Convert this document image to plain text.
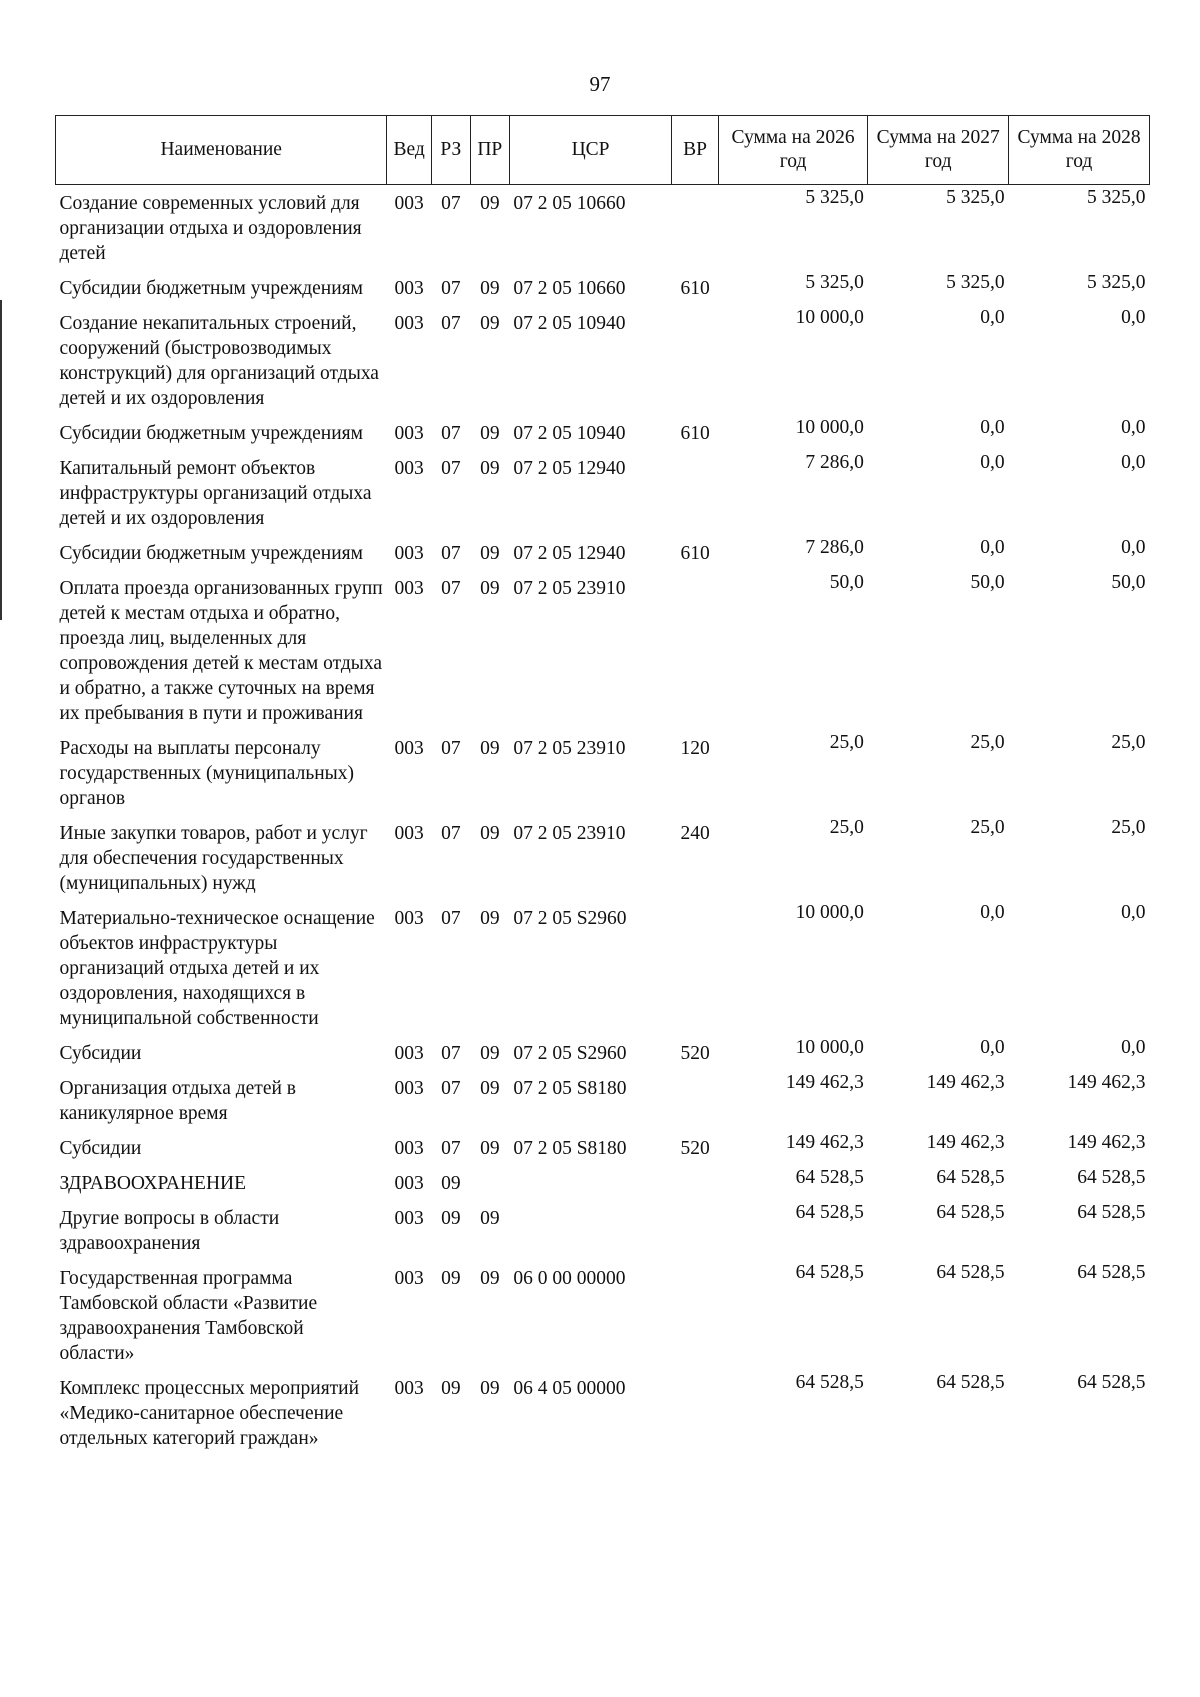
97
Наименование	Вед	РЗ	ПР	ЦСР	ВР	Сумма на 2026 год	Сумма на 2027 год	Сумма на 2028 год
Создание современных условий для организации отдыха и оздоровления детей	003	07	09	07 2 05 10660		5 325,0	5 325,0	5 325,0
Субсидии бюджетным учреждениям	003	07	09	07 2 05 10660	610	5 325,0	5 325,0	5 325,0
Создание некапитальных строений, сооружений (быстровозводимых конструкций) для организаций отдыха детей и их оздоровления	003	07	09	07 2 05 10940		10 000,0	0,0	0,0
Субсидии бюджетным учреждениям	003	07	09	07 2 05 10940	610	10 000,0	0,0	0,0
Капитальный ремонт объектов инфраструктуры организаций отдыха детей и их оздоровления	003	07	09	07 2 05 12940		7 286,0	0,0	0,0
Субсидии бюджетным учреждениям	003	07	09	07 2 05 12940	610	7 286,0	0,0	0,0
Оплата проезда организованных групп детей к местам отдыха и обратно, проезда лиц, выделенных для сопровождения детей к местам отдыха и обратно, а также суточных на время их пребывания в пути и проживания	003	07	09	07 2 05 23910		50,0	50,0	50,0
Расходы на выплаты персоналу государственных (муниципальных) органов	003	07	09	07 2 05 23910	120	25,0	25,0	25,0
Иные закупки товаров, работ и услуг для обеспечения государственных (муниципальных) нужд	003	07	09	07 2 05 23910	240	25,0	25,0	25,0
Материально-техническое оснащение объектов инфраструктуры организаций отдыха детей и их оздоровления, находящихся в муниципальной собственности	003	07	09	07 2 05 S2960		10 000,0	0,0	0,0
Субсидии	003	07	09	07 2 05 S2960	520	10 000,0	0,0	0,0
Организация отдыха детей в каникулярное время	003	07	09	07 2 05 S8180		149 462,3	149 462,3	149 462,3
Субсидии	003	07	09	07 2 05 S8180	520	149 462,3	149 462,3	149 462,3
ЗДРАВООХРАНЕНИЕ	003	09				64 528,5	64 528,5	64 528,5
Другие вопросы в области здравоохранения	003	09	09			64 528,5	64 528,5	64 528,5
Государственная программа Тамбовской области «Развитие здравоохранения Тамбовской области»	003	09	09	06 0 00 00000		64 528,5	64 528,5	64 528,5
Комплекс процессных мероприятий «Медико-санитарное обеспечение отдельных категорий граждан»	003	09	09	06 4 05 00000		64 528,5	64 528,5	64 528,5
